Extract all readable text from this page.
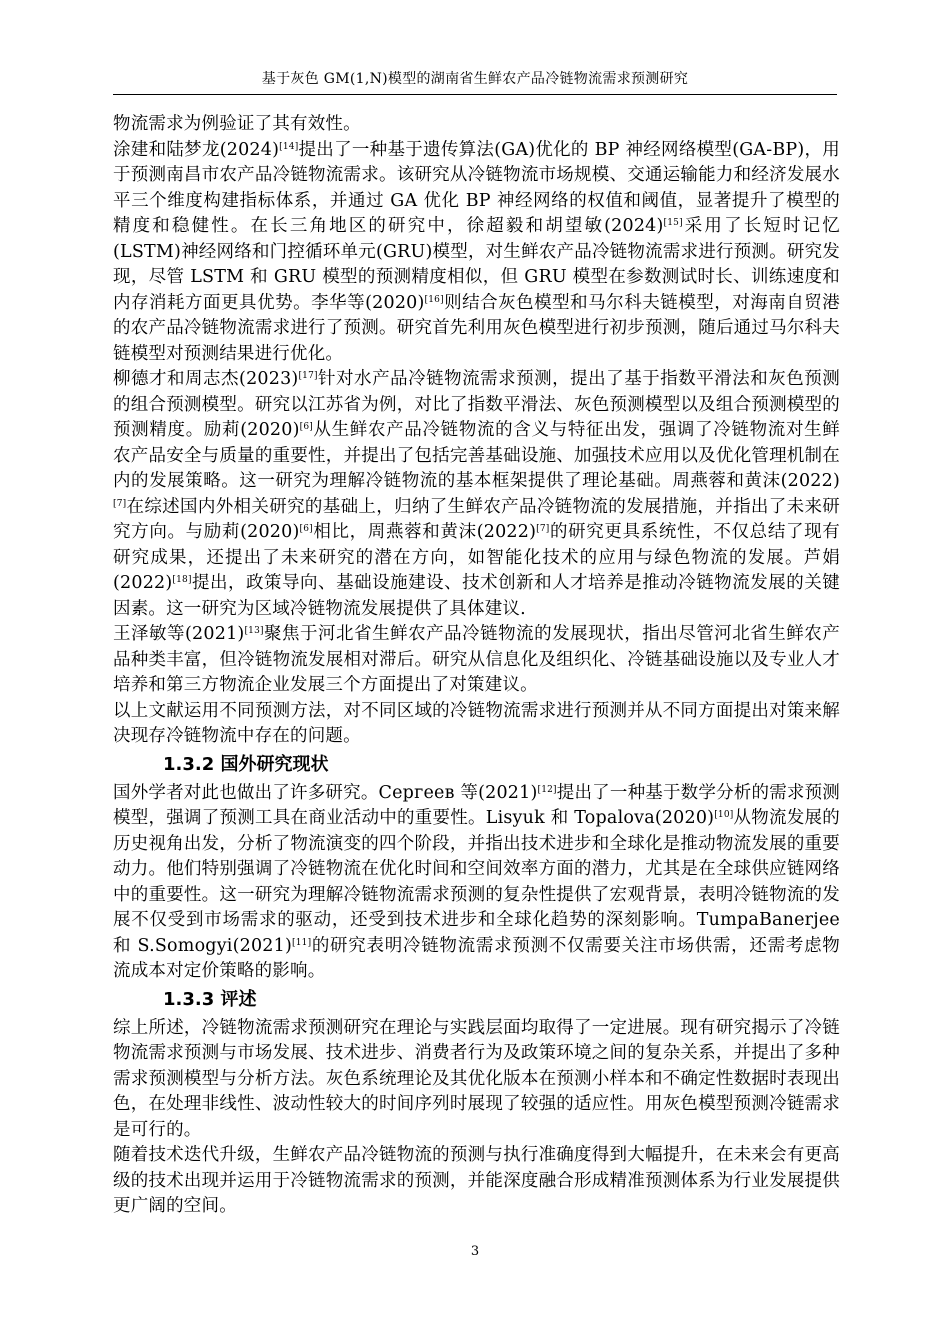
基于灰色 GM(1,N)模型的湖南省生鲜农产品冷链物流需求预测研究

物流需求为例验证了其有效性。

涂建和陆梦龙(2024)[14]提出了一种基于遗传算法(GA)优化的 BP 神经网络模型(GA-BP)，用于预测南昌市农产品冷链物流需求。该研究从冷链物流市场规模、交通运输能力和经济发展水平三个维度构建指标体系，并通过 GA 优化 BP 神经网络的权值和阈值，显著提升了模型的精度和稳健性。在长三角地区的研究中，徐超毅和胡望敏(2024)[15]采用了长短时记忆(LSTM)神经网络和门控循环单元(GRU)模型，对生鲜农产品冷链物流需求进行预测。研究发现，尽管 LSTM 和 GRU 模型的预测精度相似，但 GRU 模型在参数测试时长、训练速度和内存消耗方面更具优势。李华等(2020)[16]则结合灰色模型和马尔科夫链模型，对海南自贸港的农产品冷链物流需求进行了预测。研究首先利用灰色模型进行初步预测，随后通过马尔科夫链模型对预测结果进行优化。

柳德才和周志杰(2023)[17]针对水产品冷链物流需求预测，提出了基于指数平滑法和灰色预测的组合预测模型。研究以江苏省为例，对比了指数平滑法、灰色预测模型以及组合预测模型的预测精度。励莉(2020)[6]从生鲜农产品冷链物流的含义与特征出发，强调了冷链物流对生鲜农产品安全与质量的重要性，并提出了包括完善基础设施、加强技术应用以及优化管理机制在内的发展策略。这一研究为理解冷链物流的基本框架提供了理论基础。周燕蓉和黄沫(2022)[7]在综述国内外相关研究的基础上，归纳了生鲜农产品冷链物流的发展措施，并指出了未来研究方向。与励莉(2020)[6]相比，周燕蓉和黄沫(2022)[7]的研究更具系统性，不仅总结了现有研究成果，还提出了未来研究的潜在方向，如智能化技术的应用与绿色物流的发展。芦娟(2022)[18]提出，政策导向、基础设施建设、技术创新和人才培养是推动冷链物流发展的关键因素。这一研究为区域冷链物流发展提供了具体建议.

王泽敏等(2021)[13]聚焦于河北省生鲜农产品冷链物流的发展现状，指出尽管河北省生鲜农产品种类丰富，但冷链物流发展相对滞后。研究从信息化及组织化、冷链基础设施以及专业人才培养和第三方物流企业发展三个方面提出了对策建议。

以上文献运用不同预测方法，对不同区域的冷链物流需求进行预测并从不同方面提出对策来解决现存冷链物流中存在的问题。

1.3.2 国外研究现状

国外学者对此也做出了许多研究。Сергеев 等(2021)[12]提出了一种基于数学分析的需求预测模型，强调了预测工具在商业活动中的重要性。Lisyuk 和 Topalova(2020)[10]从物流发展的历史视角出发，分析了物流演变的四个阶段，并指出技术进步和全球化是推动物流发展的重要动力。他们特别强调了冷链物流在优化时间和空间效率方面的潜力，尤其是在全球供应链网络中的重要性。这一研究为理解冷链物流需求预测的复杂性提供了宏观背景，表明冷链物流的发展不仅受到市场需求的驱动，还受到技术进步和全球化趋势的深刻影响。TumpaBanerjee 和 S.Somogyi(2021)[11]的研究表明冷链物流需求预测不仅需要关注市场供需，还需考虑物流成本对定价策略的影响。

1.3.3 评述

综上所述，冷链物流需求预测研究在理论与实践层面均取得了一定进展。现有研究揭示了冷链物流需求预测与市场发展、技术进步、消费者行为及政策环境之间的复杂关系，并提出了多种需求预测模型与分析方法。灰色系统理论及其优化版本在预测小样本和不确定性数据时表现出色，在处理非线性、波动性较大的时间序列时展现了较强的适应性。用灰色模型预测冷链需求是可行的。

随着技术迭代升级，生鲜农产品冷链物流的预测与执行准确度得到大幅提升，在未来会有更高级的技术出现并运用于冷链物流需求的预测，并能深度融合形成精准预测体系为行业发展提供更广阔的空间。

3
